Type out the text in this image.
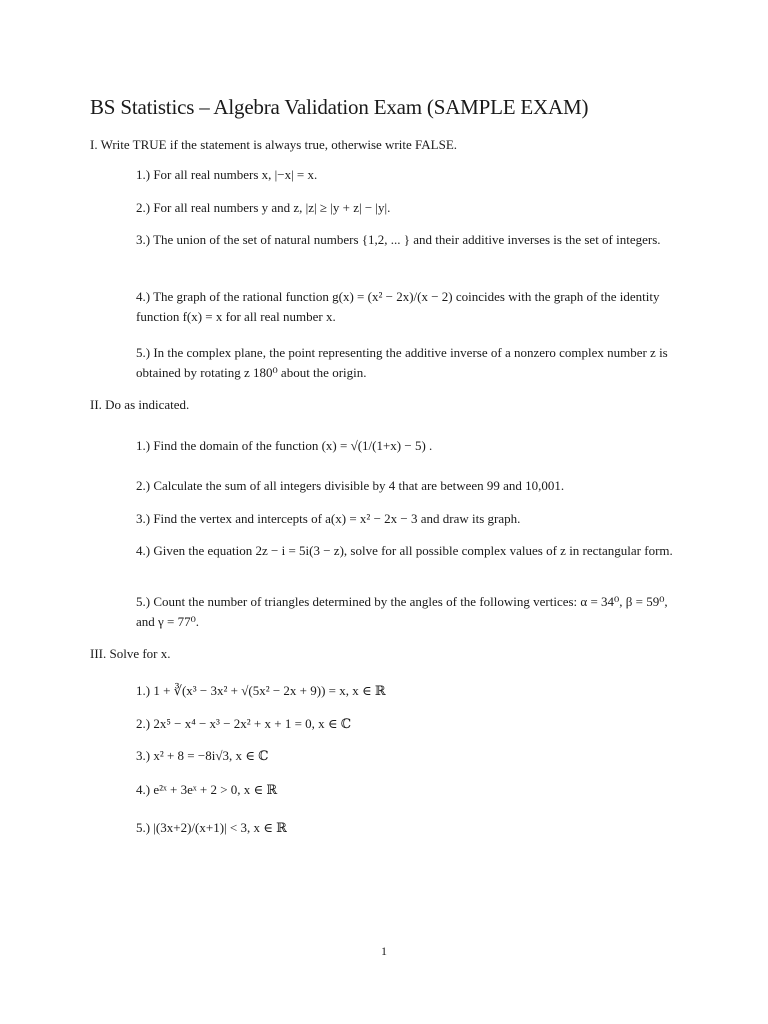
BS Statistics – Algebra Validation Exam (SAMPLE EXAM)
I. Write TRUE if the statement is always true, otherwise write FALSE.
1.) For all real numbers x, |−x| = x.
2.) For all real numbers y and z, |z| ≥ |y + z| − |y|.
3.) The union of the set of natural numbers {1,2, ... } and their additive inverses is the set of integers.
4.) The graph of the rational function g(x) = (x² − 2x)/(x − 2) coincides with the graph of the identity function f(x) = x for all real number x.
5.) In the complex plane, the point representing the additive inverse of a nonzero complex number z is obtained by rotating z 180⁰ about the origin.
II. Do as indicated.
1.) Find the domain of the function (x) = √(1/(1+x) − 5) .
2.) Calculate the sum of all integers divisible by 4 that are between 99 and 10,001.
3.) Find the vertex and intercepts of a(x) = x² − 2x − 3 and draw its graph.
4.) Given the equation 2z − i = 5i(3 − z), solve for all possible complex values of z in rectangular form.
5.) Count the number of triangles determined by the angles of the following vertices: α = 34⁰, β = 59⁰, and γ = 77⁰.
III. Solve for x.
1.) 1 + ∛(x³ − 3x² + √(5x² − 2x + 9)) = x, x ∈ ℝ
2.) 2x⁵ − x⁴ − x³ − 2x² + x + 1 = 0, x ∈ ℂ
3.) x² + 8 = −8i√3, x ∈ ℂ
4.) e²ˣ + 3eˣ + 2 > 0, x ∈ ℝ
5.) |(3x+2)/(x+1)| < 3, x ∈ ℝ
1
